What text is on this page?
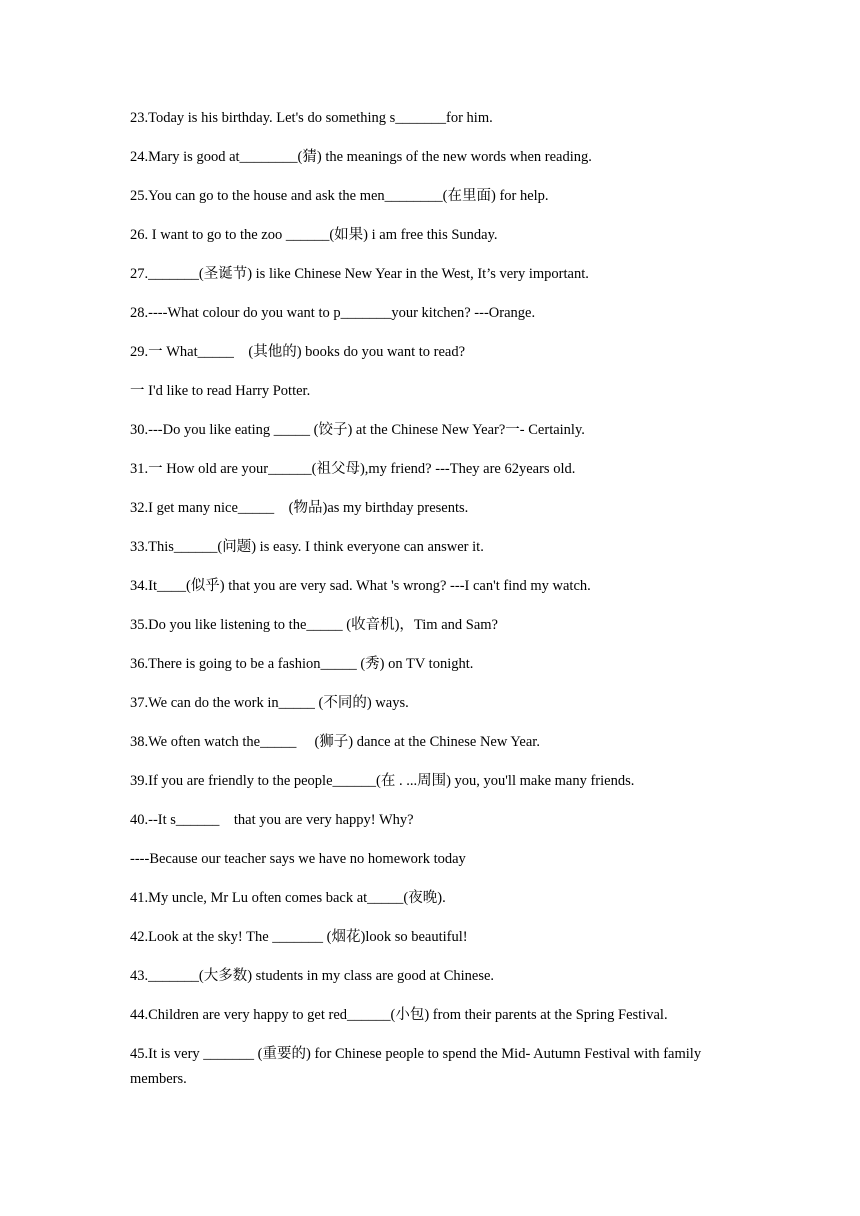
23.Today is his birthday. Let's do something s_______for him.

24.Mary is good at________(猜) the meanings of the new words when reading.

25.You can go to the house and ask the men________(在里面) for help.

26. I want to go to the zoo ______(如果) i am free this Sunday.

27._______(圣诞节) is like Chinese New Year in the West, It’s very important.

28.----What colour do you want to p_______your kitchen? ---Orange.

29.一 What_____　(其他的) books do you want to read?

一 I'd like to read Harry Potter.

30.---Do you like eating _____ (饺子) at the Chinese New Year?一- Certainly.

31.一 How old are your______(祖父母),my friend? ---They are 62years old.

32.I get many nice_____　(物品)as my birthday presents.

33.This______(问题) is easy. I think everyone can answer it.

34.It____(似乎) that you are very sad. What 's wrong? ---I can't find my watch.

35.Do you like listening to the_____ (收音机)，Tim and Sam?

36.There is going to be a fashion_____ (秀) on TV tonight.

37.We can do the work in_____ (不同的) ways.

38.We often watch the_____　 (狮子) dance at the Chinese New Year.

39.If you are friendly to the people______(在 . ...周围) you, you'll make many friends.

40.--It s______　that you are very happy! Why?

----Because our teacher says we have no homework today

41.My uncle, Mr Lu often comes back at_____(夜晚).

42.Look at the sky! The _______ (烟花)look so beautiful!

43._______(大多数) students in my class are good at Chinese.

44.Children are very happy to get red______(小包) from their parents at the Spring Festival.

45.It is very _______ (重要的) for Chinese people to spend the Mid- Autumn Festival with family members.
